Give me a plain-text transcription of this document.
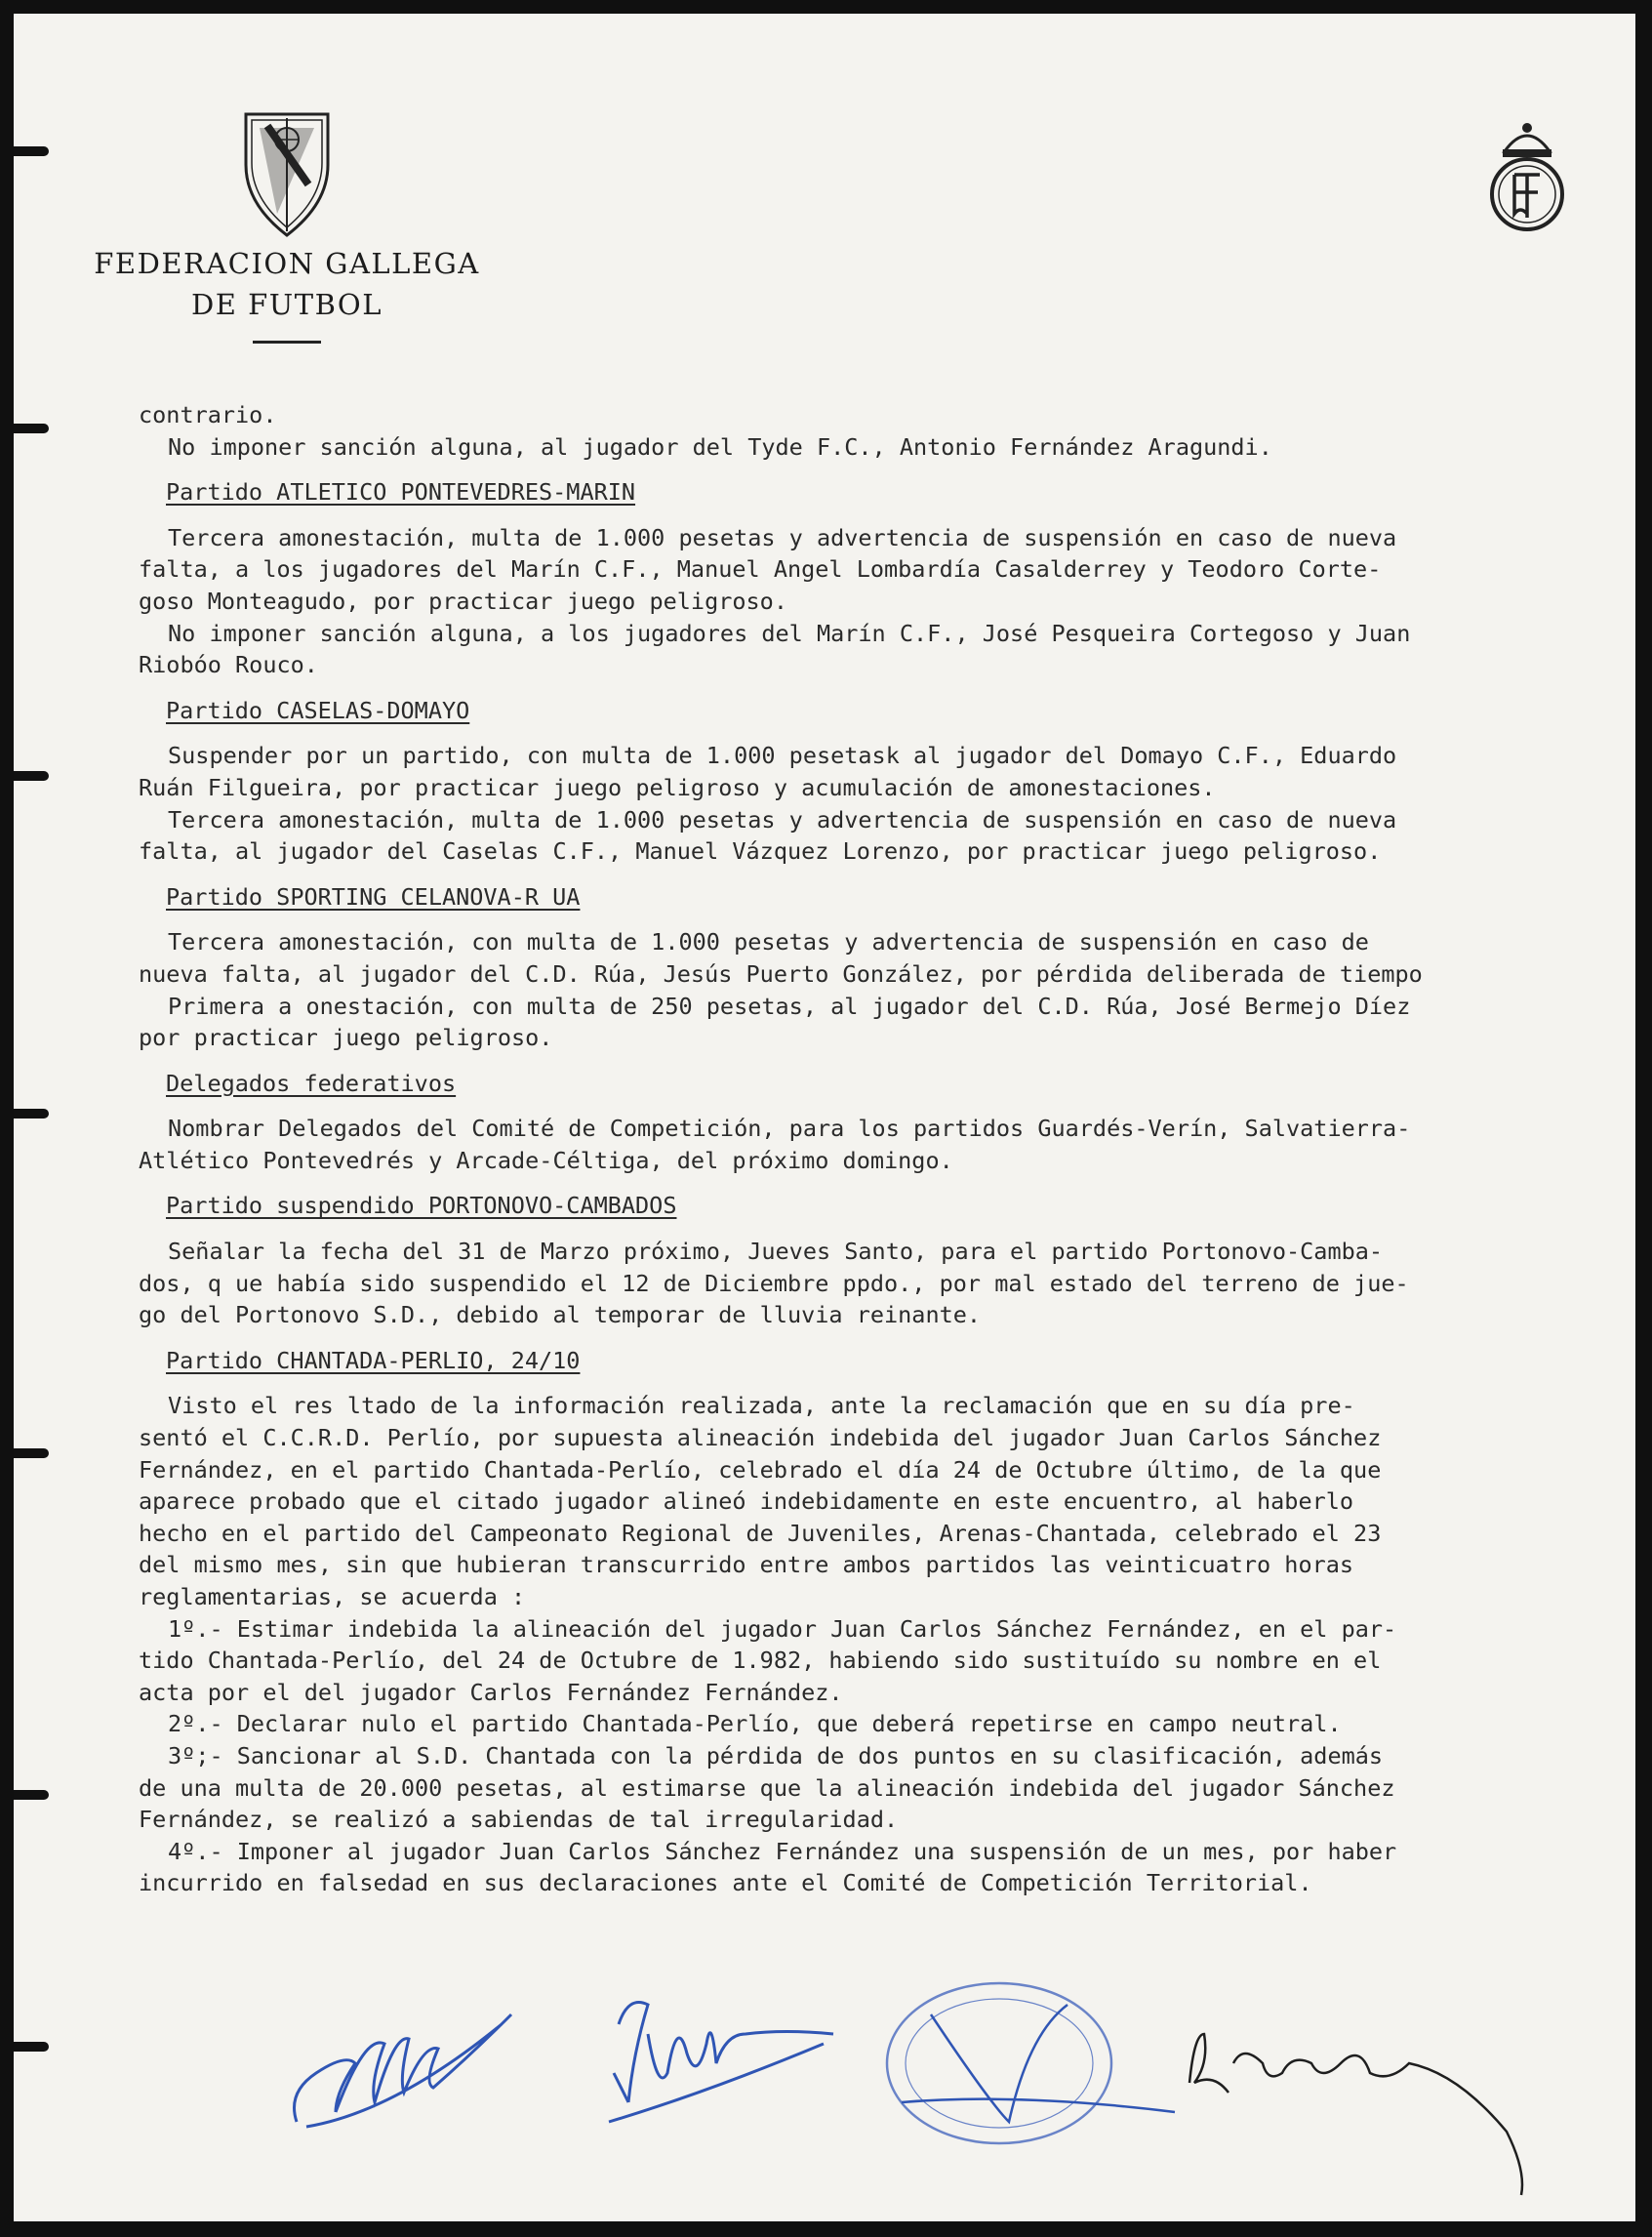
FEDERACION GALLEGA
DE FUTBOL
contrario.
No imponer sanción alguna, al jugador del Tyde F.C., Antonio Fernández Aragundi.
Partido ATLETICO PONTEVEDRES-MARIN
Tercera amonestación, multa de 1.000 pesetas y advertencia de suspensión en caso de nueva
falta, a los jugadores del Marín C.F., Manuel Angel Lombardía Casalderrey y Teodoro Corte-
goso Monteagudo, por practicar juego peligroso.
No imponer sanción alguna, a los jugadores del Marín C.F., José Pesqueira Cortegoso y Juan
Riobóo Rouco.
Partido CASELAS-DOMAYO
Suspender por un partido, con multa de 1.000 pesetask al jugador del Domayo C.F., Eduardo
Ruán Filgueira, por practicar juego peligroso y acumulación de amonestaciones.
Tercera amonestación, multa de 1.000 pesetas y advertencia de suspensión en caso de nueva
falta, al jugador del Caselas C.F., Manuel Vázquez Lorenzo, por practicar juego peligroso.
Partido SPORTING CELANOVA-R UA
Tercera amonestación, con multa de 1.000 pesetas y advertencia de suspensión en caso de
nueva falta, al jugador del C.D. Rúa, Jesús Puerto González, por pérdida deliberada de tiempo
Primera a onestación, con multa de 250 pesetas, al jugador del C.D. Rúa, José Bermejo Díez
por practicar juego peligroso.
Delegados federativos
Nombrar Delegados del Comité de Competición, para los partidos Guardés-Verín, Salvatierra-
Atlético Pontevedrés y Arcade-Céltiga, del próximo domingo.
Partido suspendido PORTONOVO-CAMBADOS
Señalar la fecha del 31 de Marzo próximo, Jueves Santo, para el partido Portonovo-Camba-
dos, q ue había sido suspendido el 12 de Diciembre ppdo., por mal estado del terreno de jue-
go del Portonovo S.D., debido al temporar de lluvia reinante.
Partido CHANTADA-PERLIO, 24/10
Visto el res ltado de la información realizada, ante la reclamación que en su día pre-
sentó el C.C.R.D. Perlío, por supuesta alineación indebida del jugador Juan Carlos Sánchez
Fernández, en el partido Chantada-Perlío, celebrado el día 24 de Octubre último, de la que
aparece probado que el citado jugador alineó indebidamente en este encuentro, al haberlo
hecho en el partido del Campeonato Regional de Juveniles, Arenas-Chantada, celebrado el 23
del mismo mes, sin que hubieran transcurrido entre ambos partidos las veinticuatro horas
reglamentarias, se acuerda :
1º.- Estimar indebida la alineación del jugador Juan Carlos Sánchez Fernández, en el par-
tido Chantada-Perlío, del 24 de Octubre de 1.982, habiendo sido sustituído su nombre en el
acta por el del jugador Carlos Fernández Fernández.
2º.- Declarar nulo el partido Chantada-Perlío, que deberá repetirse en campo neutral.
3º;- Sancionar al S.D. Chantada con la pérdida de dos puntos en su clasificación, además
de una multa de 20.000 pesetas, al estimarse que la alineación indebida del jugador Sánchez
Fernández, se realizó a sabiendas de tal irregularidad.
4º.- Imponer al jugador Juan Carlos Sánchez Fernández una suspensión de un mes, por haber
incurrido en falsedad en sus declaraciones ante el Comité de Competición Territorial.
